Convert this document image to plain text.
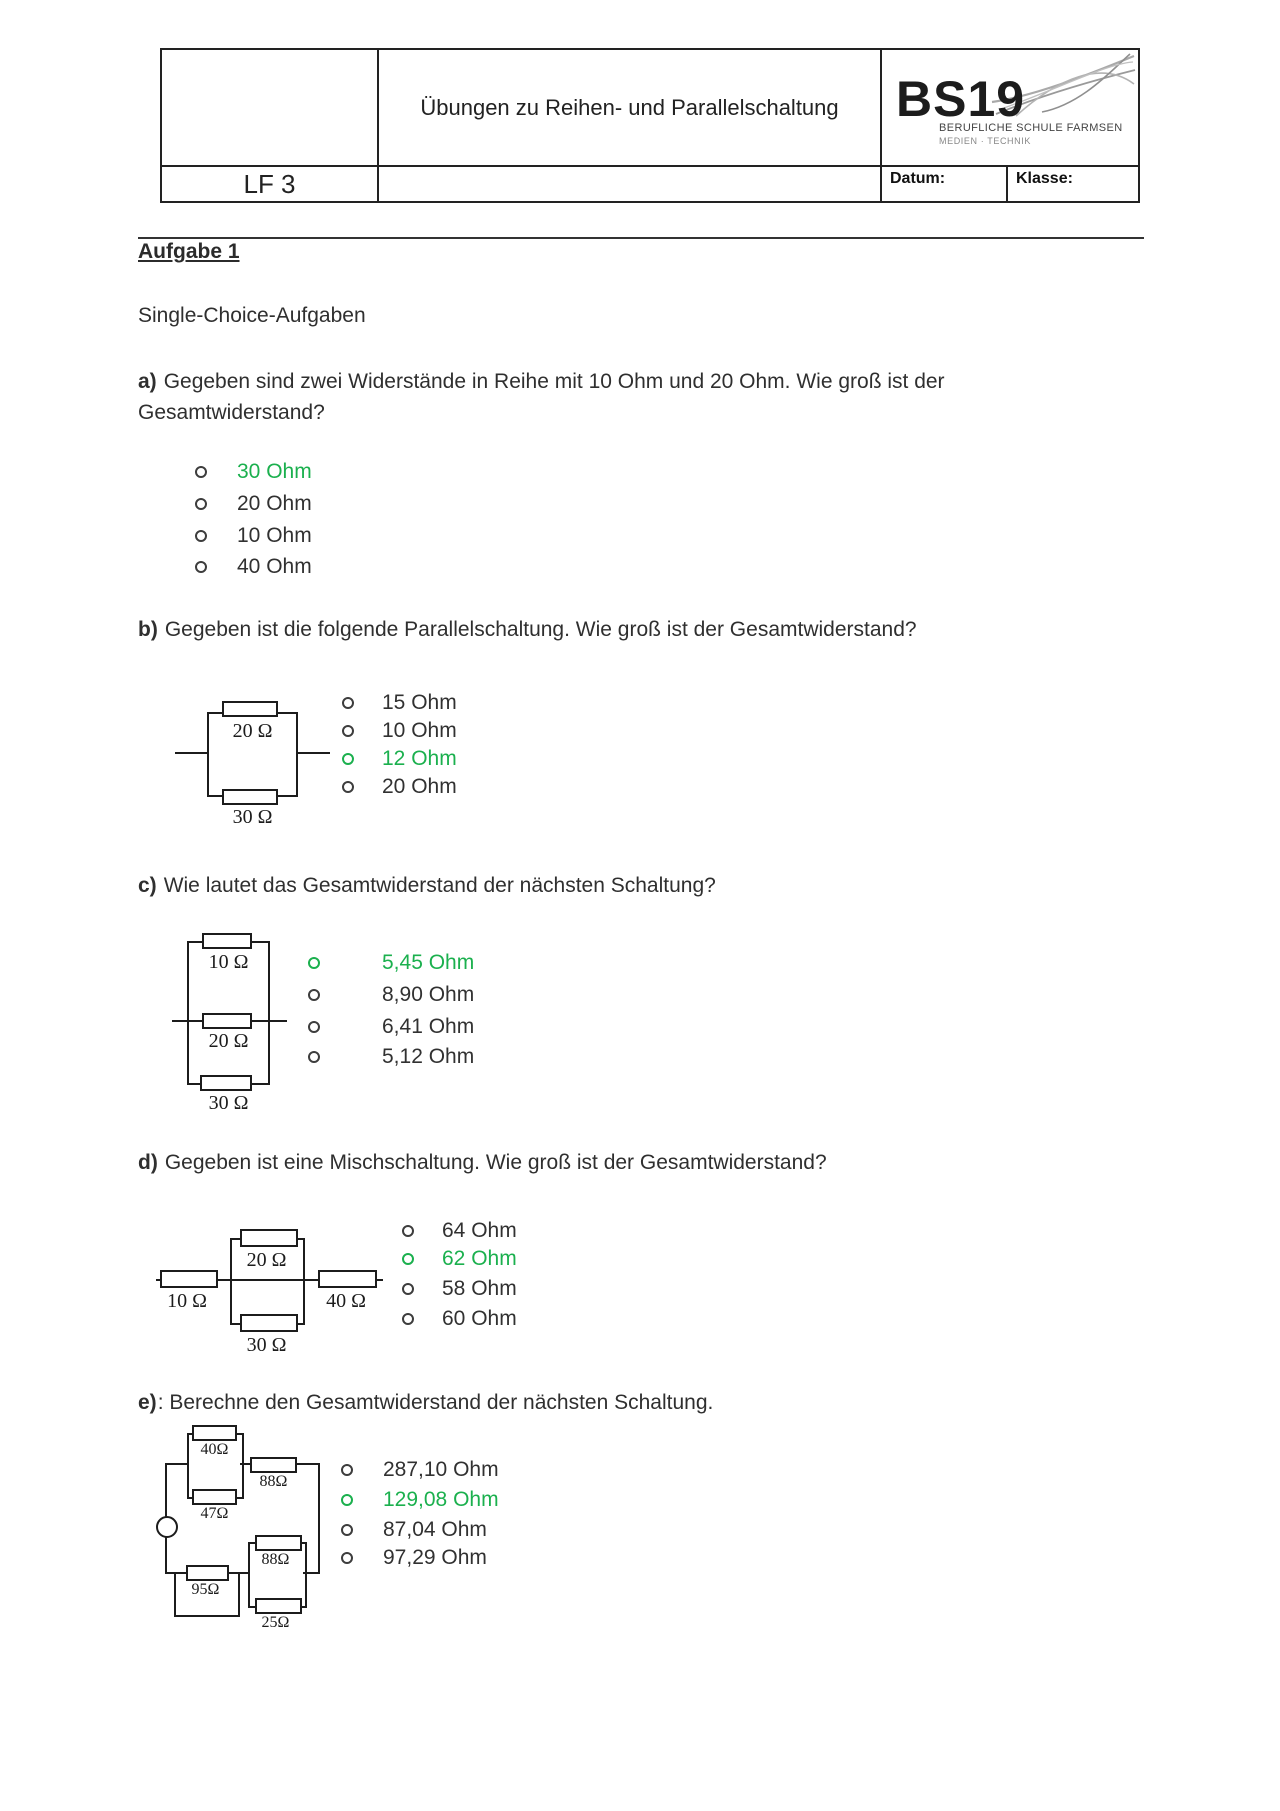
Übungen zu Reihen- und Parallelschaltung	BS19
BERUFLICHE SCHULE FARMSEN
MEDIEN · TECHNIK
LF 3	Datum:	Klasse:
Aufgabe 1
Single-Choice-Aufgaben
a) Gegeben sind zwei Widerstände in Reihe mit 10 Ohm und 20 Ohm. Wie groß ist der
Gesamtwiderstand?
30 Ohm
20 Ohm
10 Ohm
40 Ohm
b) Gegeben ist die folgende Parallelschaltung. Wie groß ist der Gesamtwiderstand?
20 Ω
30 Ω
15 Ohm
10 Ohm
12 Ohm
20 Ohm
c) Wie lautet das Gesamtwiderstand der nächsten Schaltung?
10 Ω
20 Ω
30 Ω
5,45 Ohm
8,90 Ohm
6,41 Ohm
5,12 Ohm
d) Gegeben ist eine Mischschaltung. Wie groß ist der Gesamtwiderstand?
10 Ω
20 Ω
30 Ω
40 Ω
64 Ohm
62 Ohm
58 Ohm
60 Ohm
e): Berechne den Gesamtwiderstand der nächsten Schaltung.
40Ω
47Ω
88Ω
95Ω
88Ω
25Ω
287,10 Ohm
129,08 Ohm
87,04 Ohm
97,29 Ohm
